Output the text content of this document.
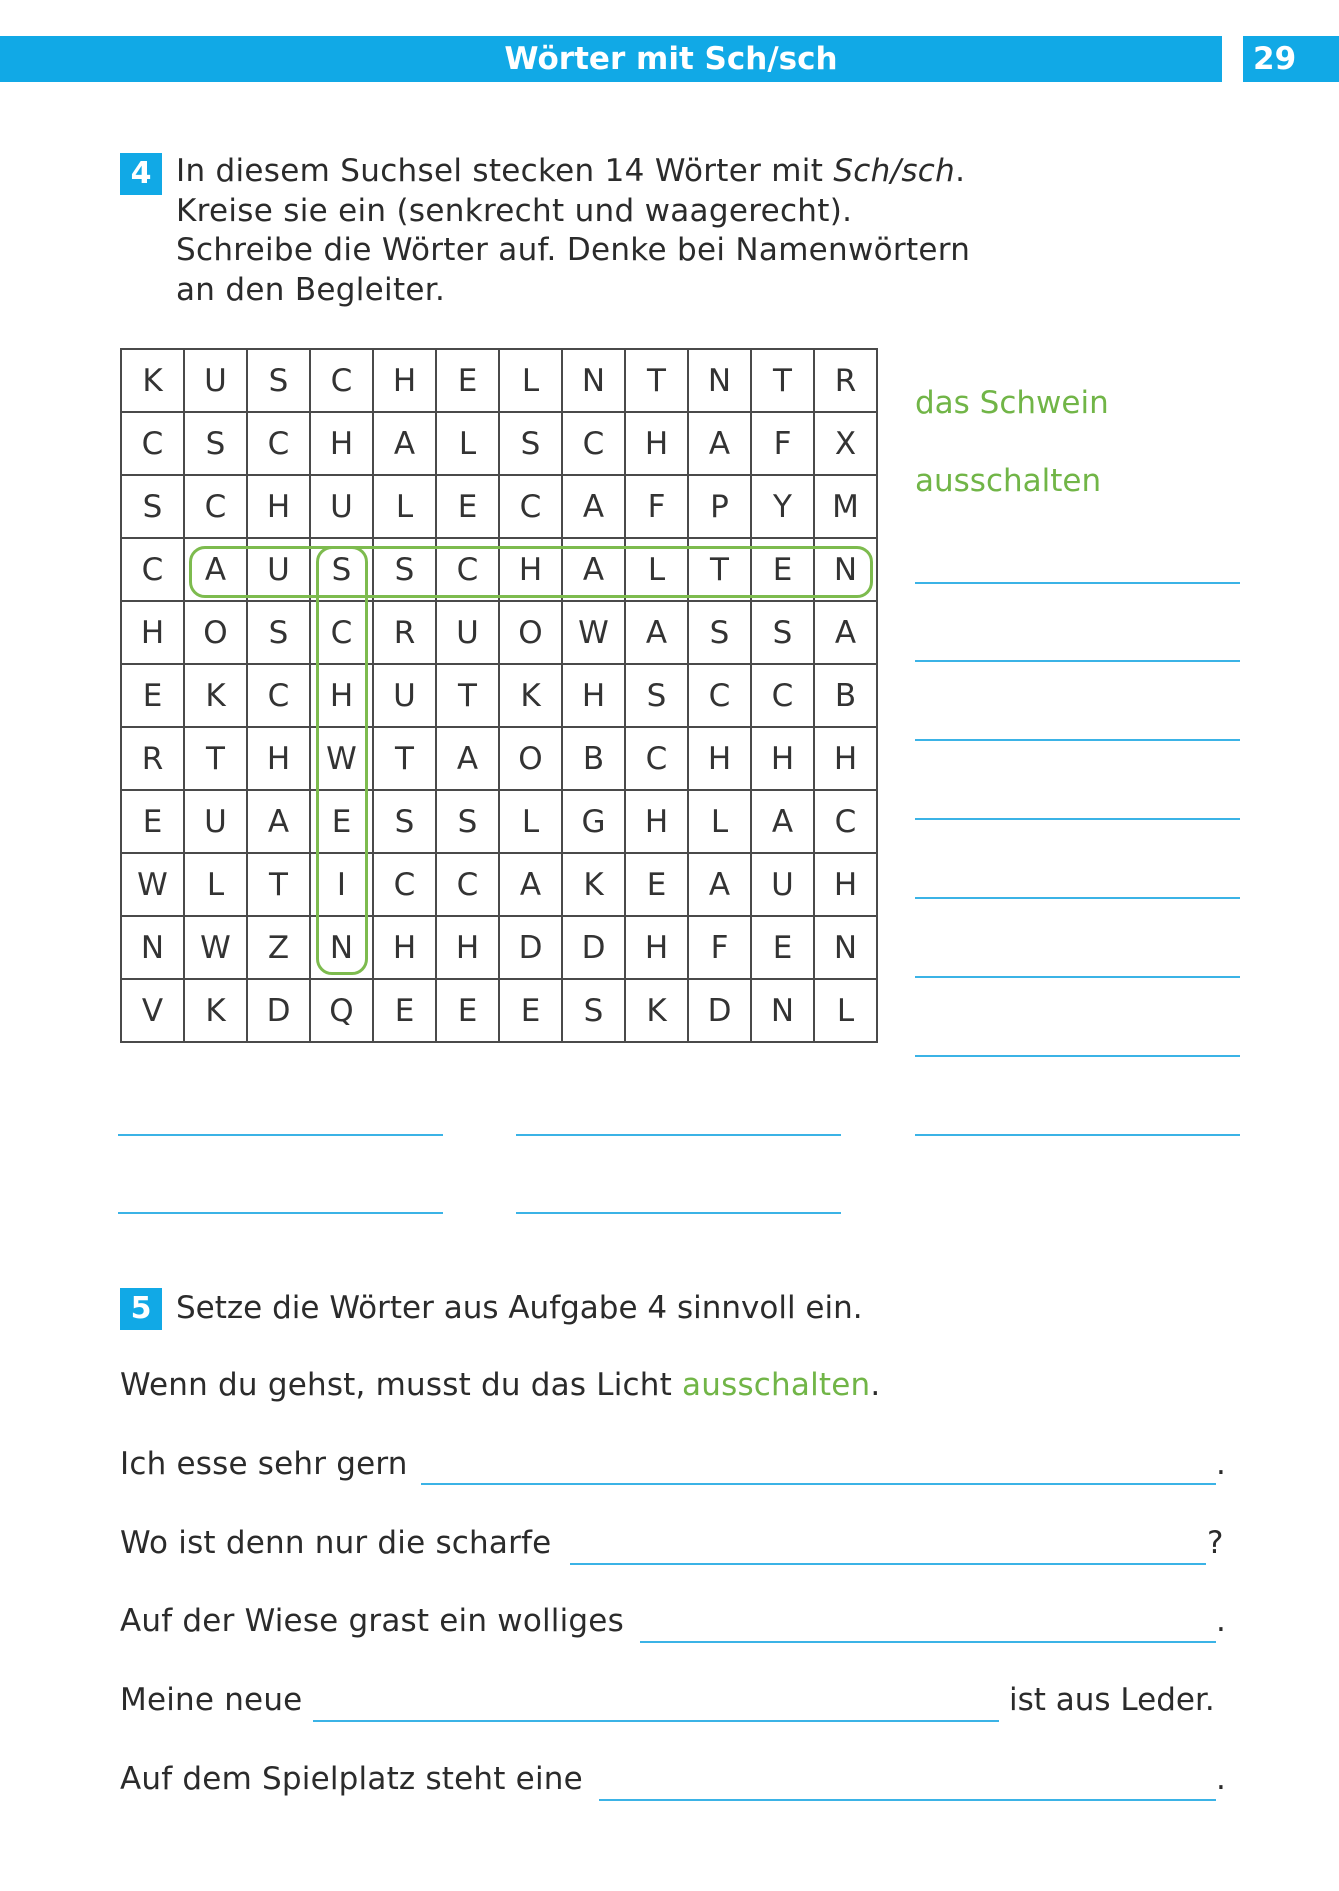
Wörter mit Sch/sch	29
4 In diesem Suchsel stecken 14 Wörter mit Sch/sch.
Kreise sie ein (senkrecht und waagerecht).
Schreibe die Wörter auf. Denke bei Namenwörtern
an den Begleiter.
K	U	S	C	H	E	L	N	T	N	T	R
C	S	C	H	A	L	S	C	H	A	F	X
S	C	H	U	L	E	C	A	F	P	Y	M
C	A	U	S	S	C	H	A	L	T	E	N
H	O	S	C	R	U	O	W	A	S	S	A
E	K	C	H	U	T	K	H	S	C	C	B
R	T	H	W	T	A	O	B	C	H	H	H
E	U	A	E	S	S	L	G	H	L	A	C
W	L	T	I	C	C	A	K	E	A	U	H
N	W	Z	N	H	H	D	D	H	F	E	N
V	K	D	Q	E	E	E	S	K	D	N	L
das Schwein
ausschalten
5 Setze die Wörter aus Aufgabe 4 sinnvoll ein.
Wenn du gehst, musst du das Licht ausschalten.
Ich esse sehr gern	.
Wo ist denn nur die scharfe	?
Auf der Wiese grast ein wolliges	.
Meine neue	ist aus Leder.
Auf dem Spielplatz steht eine	.
